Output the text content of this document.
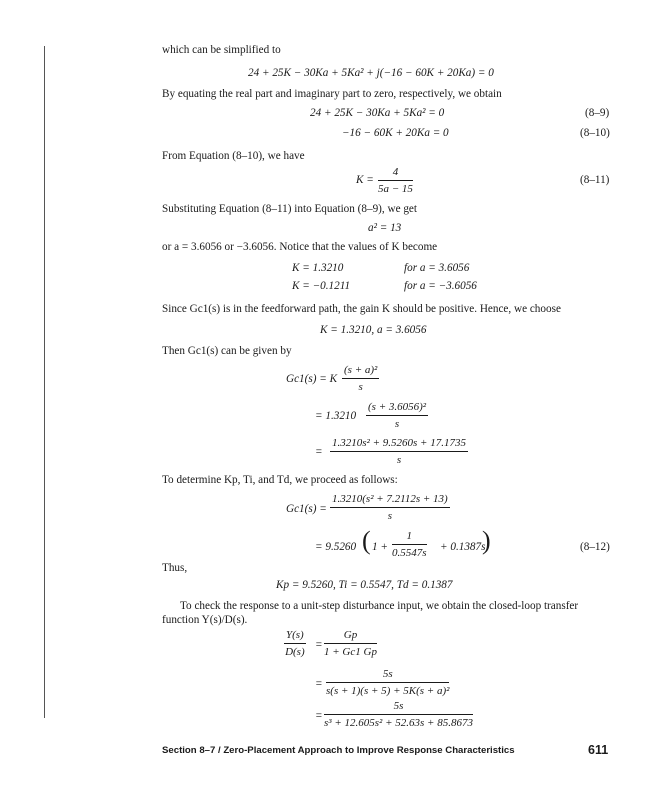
which can be simplified to
24 + 25K − 30Ka + 5Ka² + j(−16 − 60K + 20Ka) = 0
By equating the real part and imaginary part to zero, respectively, we obtain
24 + 25K − 30Ka + 5Ka² = 0	(8–9)
−16 − 60K + 20Ka = 0	(8–10)
From Equation (8–10), we have
$K = \frac{4}{5a - 15}$	(8–11)
Substituting Equation (8–11) into Equation (8–9), we get
a² = 13
or a = 3.6056 or −3.6056. Notice that the values of K become
K = 1.3210	for a = 3.6056
K = −0.1211	for a = −3.6056
Since Gc1(s) is in the feedforward path, the gain K should be positive. Hence, we choose
K = 1.3210, a = 3.6056
Then Gc1(s) can be given by
Gc1(s) = K $\frac{\text{(s + a)²}}{s}$
= $1.3210 \frac{\text{(s + 3.6056)²}}{s}$
= $\frac{\text{1.3210s² + 9.5260s + 17.1735}}{s}$
To determine Kp, Ti, and Td, we proceed as follows:
$Gc1(s) = \frac{\text{1.3210(s² + 7.2112s + 13)}}{s}$
= 9.5260 ( $1 + \frac{1}{0.5547s} + 0.1387s$
)	(8–12)
Thus,
Kp = 9.5260, Ti = 0.5547, Td = 0.1387
To check the response to a unit-step disturbance input, we obtain the closed-loop transfer
function Y(s)/D(s).
$\frac{Y(s)}{D(s)} = \frac{Gp}{1 + Gc1 Gp}$
= $\frac{5s}{\text{s(s + 1)(s + 5) + 5K(s + a)²}}$
= $\frac{5s}{\text{s³ + 12.605s² + 52.63s + 85.8673}}$
Section 8–7 / Zero-Placement Approach to Improve Response Characteristics	611
